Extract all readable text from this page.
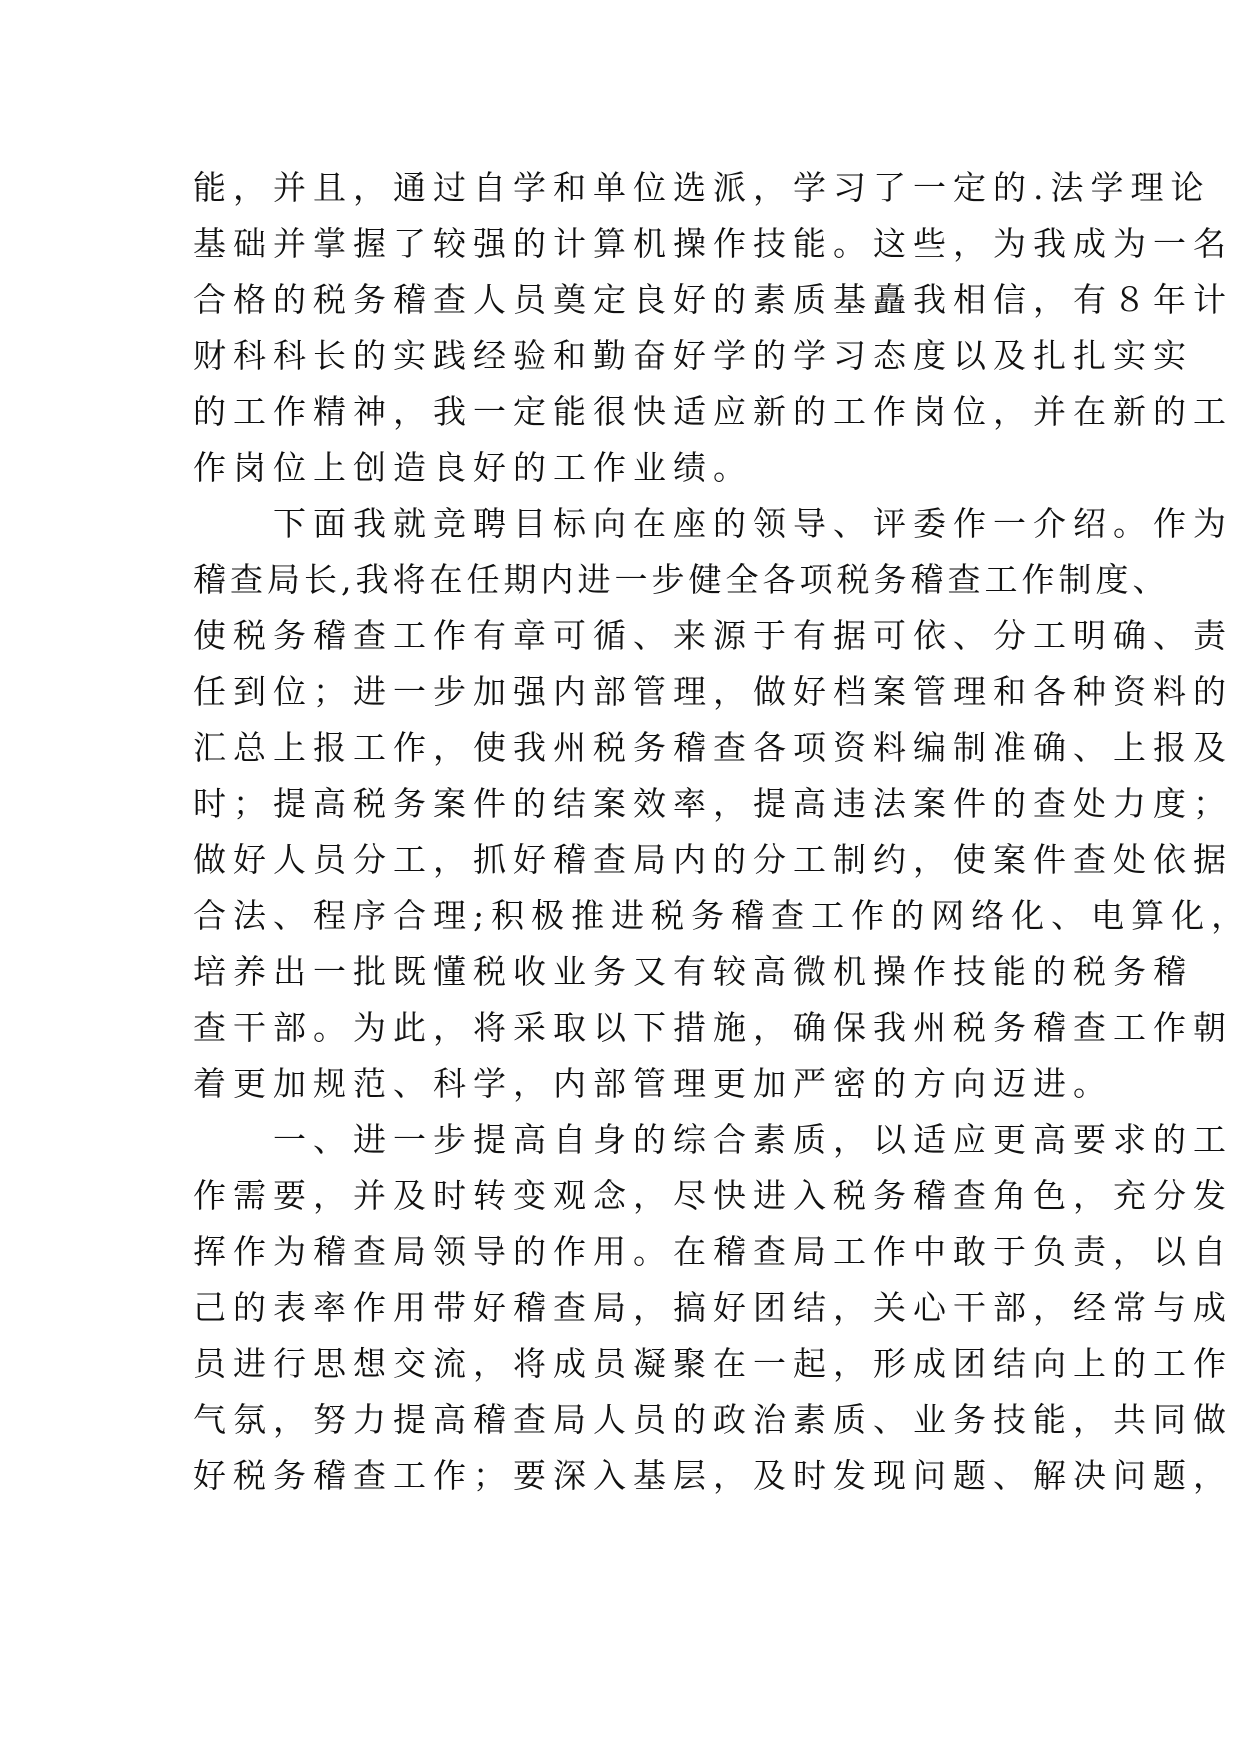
能，并且，通过自学和单位选派，学习了一定的.法学理论
基础并掌握了较强的计算机操作技能。这些，为我成为一名
合格的税务稽查人员奠定良好的素质基矗我相信，有８年计
财科科长的实践经验和勤奋好学的学习态度以及扎扎实实
的工作精神，我一定能很快适应新的工作岗位，并在新的工
作岗位上创造良好的工作业绩。
下面我就竞聘目标向在座的领导、评委作一介绍。作为
稽查局长,我将在任期内进一步健全各项税务稽查工作制度、
使税务稽查工作有章可循、来源于有据可依、分工明确、责
任到位；进一步加强内部管理，做好档案管理和各种资料的
汇总上报工作，使我州税务稽查各项资料编制准确、上报及
时；提高税务案件的结案效率，提高违法案件的查处力度；
做好人员分工，抓好稽查局内的分工制约，使案件查处依据
合法、程序合理;积极推进税务稽查工作的网络化、电算化，
培养出一批既懂税收业务又有较高微机操作技能的税务稽
查干部。为此，将采取以下措施，确保我州税务稽查工作朝
着更加规范、科学，内部管理更加严密的方向迈进。
一、进一步提高自身的综合素质，以适应更高要求的工
作需要，并及时转变观念，尽快进入税务稽查角色，充分发
挥作为稽查局领导的作用。在稽查局工作中敢于负责，以自
己的表率作用带好稽查局，搞好团结，关心干部，经常与成
员进行思想交流，将成员凝聚在一起，形成团结向上的工作
气氛，努力提高稽查局人员的政治素质、业务技能，共同做
好税务稽查工作；要深入基层，及时发现问题、解决问题，
